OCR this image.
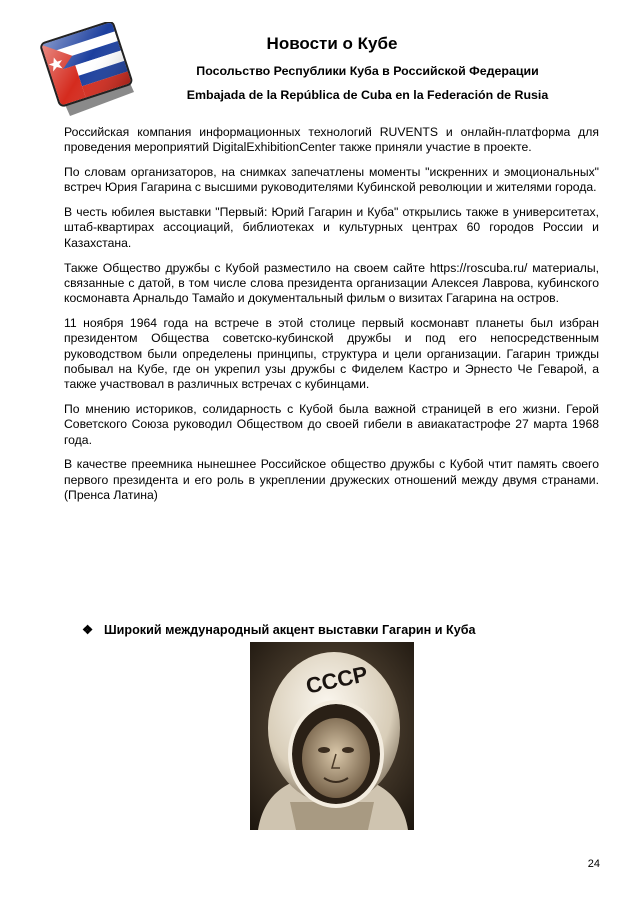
Новости о Кубе
Посольство Республики Куба в Российской Федерации
Embajada de la República de Cuba en la Federación de Rusia

Российская компания информационных технологий RUVENTS и онлайн-платформа для проведения мероприятий DigitalExhibitionCenter также приняли участие в проекте.

По словам организаторов, на снимках запечатлены моменты "искренних и эмоциональных" встреч Юрия Гагарина с высшими руководителями Кубинской революции и жителями города.

В честь юбилея выставки "Первый: Юрий Гагарин и Куба" открылись также в университетах, штаб-квартирах ассоциаций, библиотеках и культурных центрах 60 городов России и Казахстана.

Также Общество дружбы с Кубой разместило на своем сайте https://roscuba.ru/ материалы, связанные с датой, в том числе слова президента организации Алексея Лаврова, кубинского космонавта Арнальдо Тамайо и документальный фильм о визитах Гагарина на остров.

11 ноября 1964 года на встрече в этой столице первый космонавт планеты был избран президентом Общества советско-кубинской дружбы и под его непосредственным руководством были определены принципы, структура и цели организации. Гагарин трижды побывал на Кубе, где он укрепил узы дружбы с Фиделем Кастро и Эрнесто Че Геварой, а также участвовал в различных встречах с кубинцами.

По мнению историков, солидарность с Кубой была важной страницей в его жизни. Герой Советского Союза руководил Обществом до своей гибели в авиакатастрофе 27 марта 1968 года.

В качестве преемника нынешнее Российское общество дружбы с Кубой чтит память своего первого президента и его роль в укреплении дружеских отношений между двумя странами. (Пренса Латина)

❖ Широкий международный акцент выставки Гагарин и Куба
СССР
24
